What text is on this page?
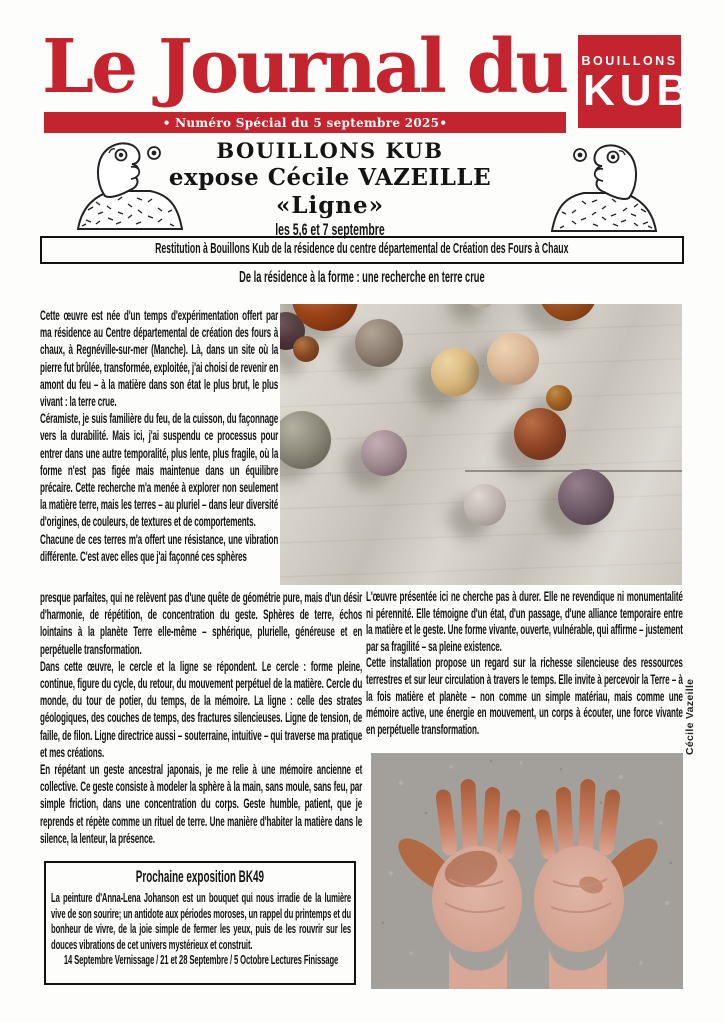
Le Journal du
• Numéro Spécial du 5 septembre 2025•
BOUILLONS
KUB
BOUILLONS KUB
expose Cécile VAZEILLE
«Ligne»
les 5,6 et 7 septembre
Restitution à Bouillons Kub de la résidence du centre départemental de Création des Fours à Chaux
De la résidence à la forme : une recherche en terre crue

Cette œuvre est née d'un temps d'expérimentation offert par ma résidence au Centre départemental de création des fours à chaux, à Regnéville-sur-mer (Manche). Là, dans un site où la pierre fut brûlée, transformée, exploitée, j'ai choisi de revenir en amont du feu – à la matière dans son état le plus brut, le plus vivant : la terre crue.

Céramiste, je suis familière du feu, de la cuisson, du façonnage vers la durabilité. Mais ici, j'ai suspendu ce processus pour entrer dans une autre temporalité, plus lente, plus fragile, où la forme n'est pas figée mais maintenue dans un équilibre précaire. Cette recherche m'a menée à explorer non seulement la matière terre, mais les terres – au pluriel – dans leur diversité d'origines, de couleurs, de textures et de comportements.

Chacune de ces terres m'a offert une résistance, une vibration différente. C'est avec elles que j'ai façonné ces sphères

presque parfaites, qui ne relèvent pas d'une quête de géométrie pure, mais d'un désir d'harmonie, de répétition, de concentration du geste. Sphères de terre, échos lointains à la planète Terre elle-même – sphérique, plurielle, généreuse et en perpétuelle transformation.

Dans cette œuvre, le cercle et la ligne se répondent. Le cercle : forme pleine, continue, figure du cycle, du retour, du mouvement perpétuel de la matière. Cercle du monde, du tour de potier, du temps, de la mémoire. La ligne : celle des strates géologiques, des couches de temps, des fractures silencieuses. Ligne de tension, de faille, de filon. Ligne directrice aussi – souterraine, intuitive – qui traverse ma pratique et mes créations.

En répétant un geste ancestral japonais, je me relie à une mémoire ancienne et collective. Ce geste consiste à modeler la sphère à la main, sans moule, sans feu, par simple friction, dans une concentration du corps. Geste humble, patient, que je reprends et répète comme un rituel de terre. Une manière d'habiter la matière dans le silence, la lenteur, la présence.

L'œuvre présentée ici ne cherche pas à durer. Elle ne revendique ni monumentalité ni pérennité. Elle témoigne d'un état, d'un passage, d'une alliance temporaire entre la matière et le geste. Une forme vivante, ouverte, vulnérable, qui affirme – justement par sa fragilité – sa pleine existence.

Cette installation propose un regard sur la richesse silencieuse des ressources terrestres et sur leur circulation à travers le temps. Elle invite à percevoir la Terre – à la fois matière et planète – non comme un simple matériau, mais comme une mémoire active, une énergie en mouvement, un corps à écouter, une force vivante en perpétuelle transformation.	Cécile Vazeille
Prochaine exposition BK49

La peinture d'Anna-Lena Johanson est un bouquet qui nous irradie de la lumière vive de son sourire; un antidote aux périodes moroses, un rappel du printemps et du bonheur de vivre, de la joie simple de fermer les yeux, puis de les rouvrir sur les douces vibrations de cet univers mystérieux et construit.

14 Septembre Vernissage / 21 et 28 Septembre / 5 Octobre Lectures Finissage
